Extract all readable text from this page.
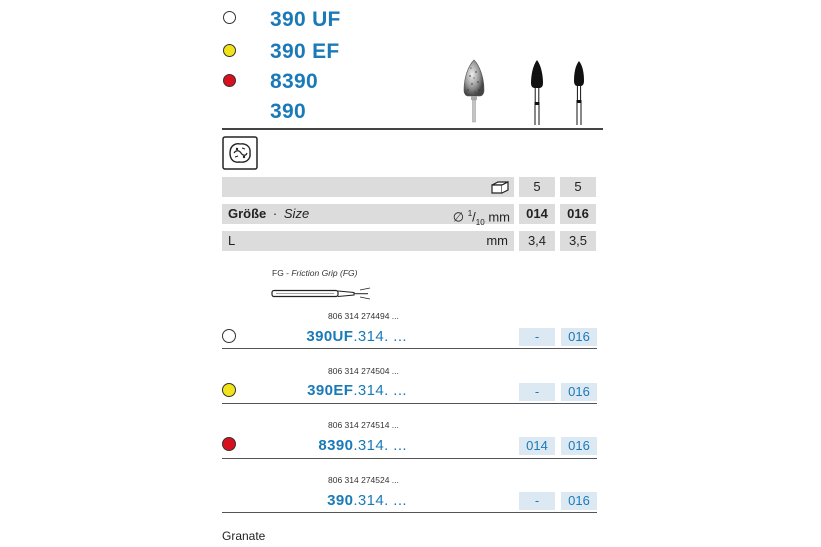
390 UF
390 EF
8390
390
5	5
Größe · Size	∅ $^1/_{10}$ mm	014	016
L	mm	3,4	3,5
FG - Friction Grip (FG)
806 314 274494 ...
390UF.314. ...	-	016
806 314 274504 ...
390EF.314. ...	-	016
806 314 274514 ...
8390.314. ...	014	016
806 314 274524 ...
390.314. ...	-	016
Granate
